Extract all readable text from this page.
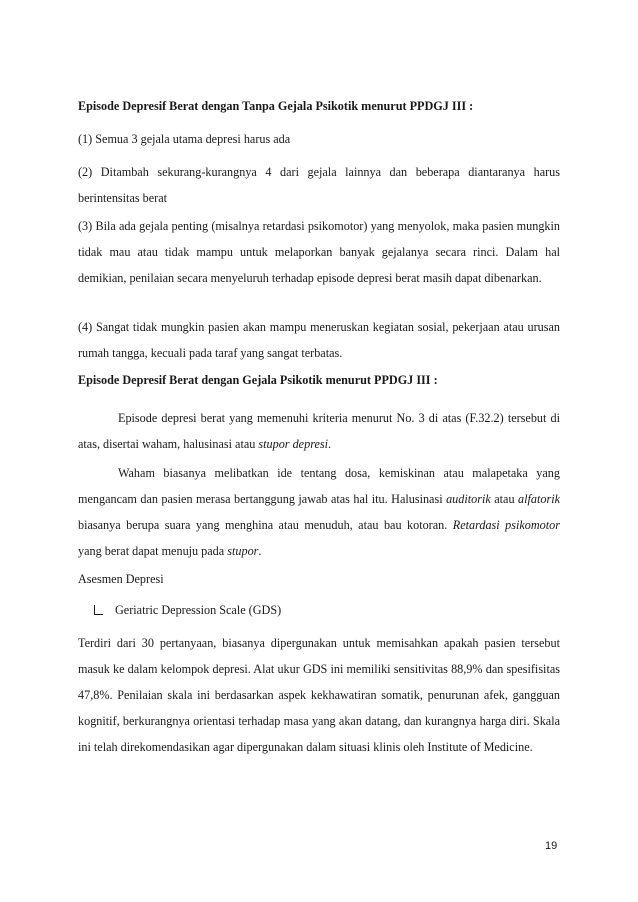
Episode Depresif Berat dengan Tanpa Gejala Psikotik menurut PPDGJ III :
(1) Semua 3 gejala utama depresi harus ada
(2) Ditambah sekurang-kurangnya 4 dari gejala lainnya dan beberapa diantaranya harus berintensitas berat
(3) Bila ada gejala penting (misalnya retardasi psikomotor) yang menyolok, maka pasien mungkin tidak mau atau tidak mampu untuk melaporkan banyak gejalanya secara rinci. Dalam hal demikian, penilaian secara menyeluruh terhadap episode depresi berat masih dapat dibenarkan.
(4) Sangat tidak mungkin pasien akan mampu meneruskan kegiatan sosial, pekerjaan atau urusan rumah tangga, kecuali pada taraf yang sangat terbatas.
Episode Depresif Berat dengan Gejala Psikotik menurut PPDGJ III :
Episode depresi berat yang memenuhi kriteria menurut No. 3 di atas (F.32.2) tersebut di atas, disertai waham, halusinasi atau stupor depresi.
Waham biasanya melibatkan ide tentang dosa, kemiskinan atau malapetaka yang mengancam dan pasien merasa bertanggung jawab atas hal itu. Halusinasi auditorik atau alfatorik biasanya berupa suara yang menghina atau menuduh, atau bau kotoran. Retardasi psikomotor yang berat dapat menuju pada stupor.
Asesmen Depresi
Geriatric Depression Scale (GDS)
Terdiri dari 30 pertanyaan, biasanya dipergunakan untuk memisahkan apakah pasien tersebut masuk ke dalam kelompok depresi. Alat ukur GDS ini memiliki sensitivitas 88,9% dan spesifisitas 47,8%. Penilaian skala ini berdasarkan aspek kekhawatiran somatik, penurunan afek, gangguan kognitif, berkurangnya orientasi terhadap masa yang akan datang, dan kurangnya harga diri. Skala ini telah direkomendasikan agar dipergunakan dalam situasi klinis oleh Institute of Medicine.
19
